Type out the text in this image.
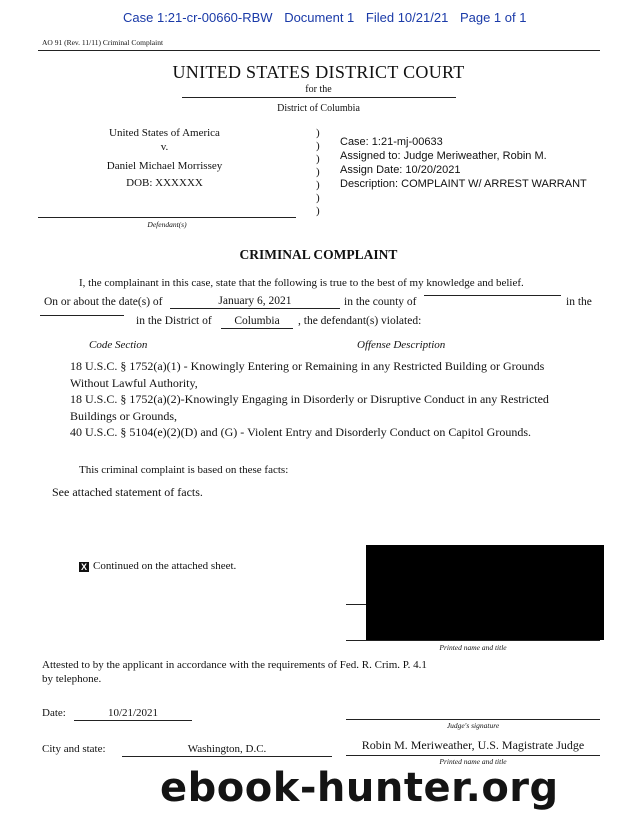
Case 1:21-cr-00660-RBW Document 1 Filed 10/21/21 Page 1 of 1
AO 91 (Rev. 11/11) Criminal Complaint
UNITED STATES DISTRICT COURT
for the
District of Columbia
United States of America
v.
Daniel Michael Morrissey
DOB: XXXXXX
Defendant(s)
)
)
)
)
)
)
)
Case: 1:21-mj-00633
Assigned to: Judge Meriweather, Robin M.
Assign Date: 10/20/2021
Description: COMPLAINT W/ ARREST WARRANT
CRIMINAL COMPLAINT
I, the complainant in this case, state that the following is true to the best of my knowledge and belief.
On or about the date(s) of	January 6, 2021	in the county of	in the
in the District of	Columbia	, the defendant(s) violated:
Code Section	Offense Description
18 U.S.C. § 1752(a)(1) - Knowingly Entering or Remaining in any Restricted Building or Grounds
Without Lawful Authority,
18 U.S.C. § 1752(a)(2)-Knowingly Engaging in Disorderly or Disruptive Conduct in any Restricted
Buildings or Grounds,
40 U.S.C. § 5104(e)(2)(D) and (G) - Violent Entry and Disorderly Conduct on Capitol Grounds.
This criminal complaint is based on these facts:
See attached statement of facts.
X Continued on the attached sheet.
Printed name and title
Attested to by the applicant in accordance with the requirements of Fed. R. Crim. P. 4.1
by telephone.
Date:	10/21/2021
Judge's signature
City and state:	Washington, D.C.	Robin M. Meriweather, U.S. Magistrate Judge
Printed name and title
ebook-hunter.org
